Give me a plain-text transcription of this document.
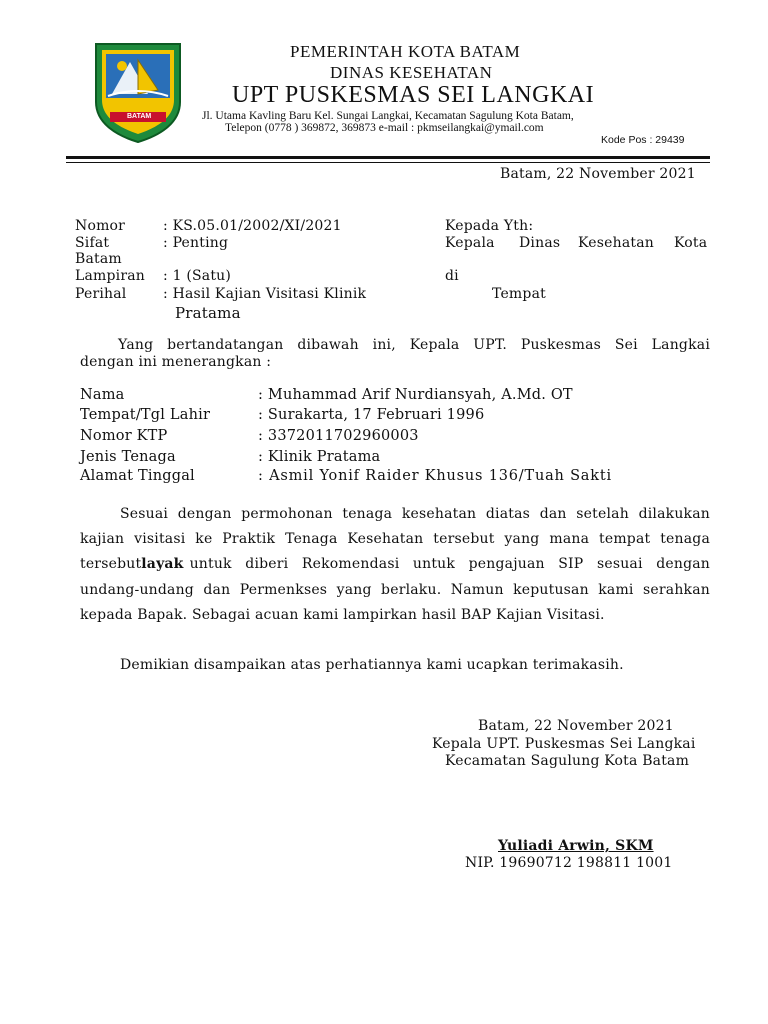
BATAM
PEMERINTAH KOTA BATAM
DINAS KESEHATAN
UPT PUSKESMAS SEI LANGKAI
Jl. Utama Kavling Baru Kel. Sungai Langkai, Kecamatan Sagulung Kota Batam,
Telepon (0778 ) 369872, 369873 e-mail : pkmseilangkai@ymail.com
Kode Pos : 29439
Batam, 22 November 2021
Nomor	: KS.05.01/2002/XI/2021
Sifat	: Penting
Batam
Lampiran : 1 (Satu)
Perihal	: Hasil Kajian Visitasi Klinik
Pratama
Kepada Yth:
Kepala Dinas Kesehatan Kota
di
Tempat
Yang bertandatangan dibawah ini, Kepala UPT. Puskesmas Sei Langkai
dengan ini menerangkan :
Nama	: Muhammad Arif Nurdiansyah, A.Md. OT
Tempat/Tgl Lahir	: Surakarta, 17 Februari 1996
Nomor KTP	: 3372011702960003
Jenis Tenaga	: Klinik Pratama
Alamat Tinggal	: Asmil Yonif Raider Khusus 136/Tuah Sakti
Sesuai dengan permohonan tenaga kesehatan diatas dan setelah dilakukan
kajian visitasi ke Praktik Tenaga Kesehatan tersebut yang mana tempat tenaga
tersebut layak untuk diberi Rekomendasi untuk pengajuan SIP sesuai dengan
undang-undang dan Permenkses yang berlaku. Namun keputusan kami serahkan
kepada Bapak. Sebagai acuan kami lampirkan hasil BAP Kajian Visitasi.
Demikian disampaikan atas perhatiannya kami ucapkan terimakasih.
Batam, 22 November 2021
Kepala UPT. Puskesmas Sei Langkai
Kecamatan Sagulung Kota Batam
Yuliadi Arwin, SKM
NIP. 19690712 198811 1001
